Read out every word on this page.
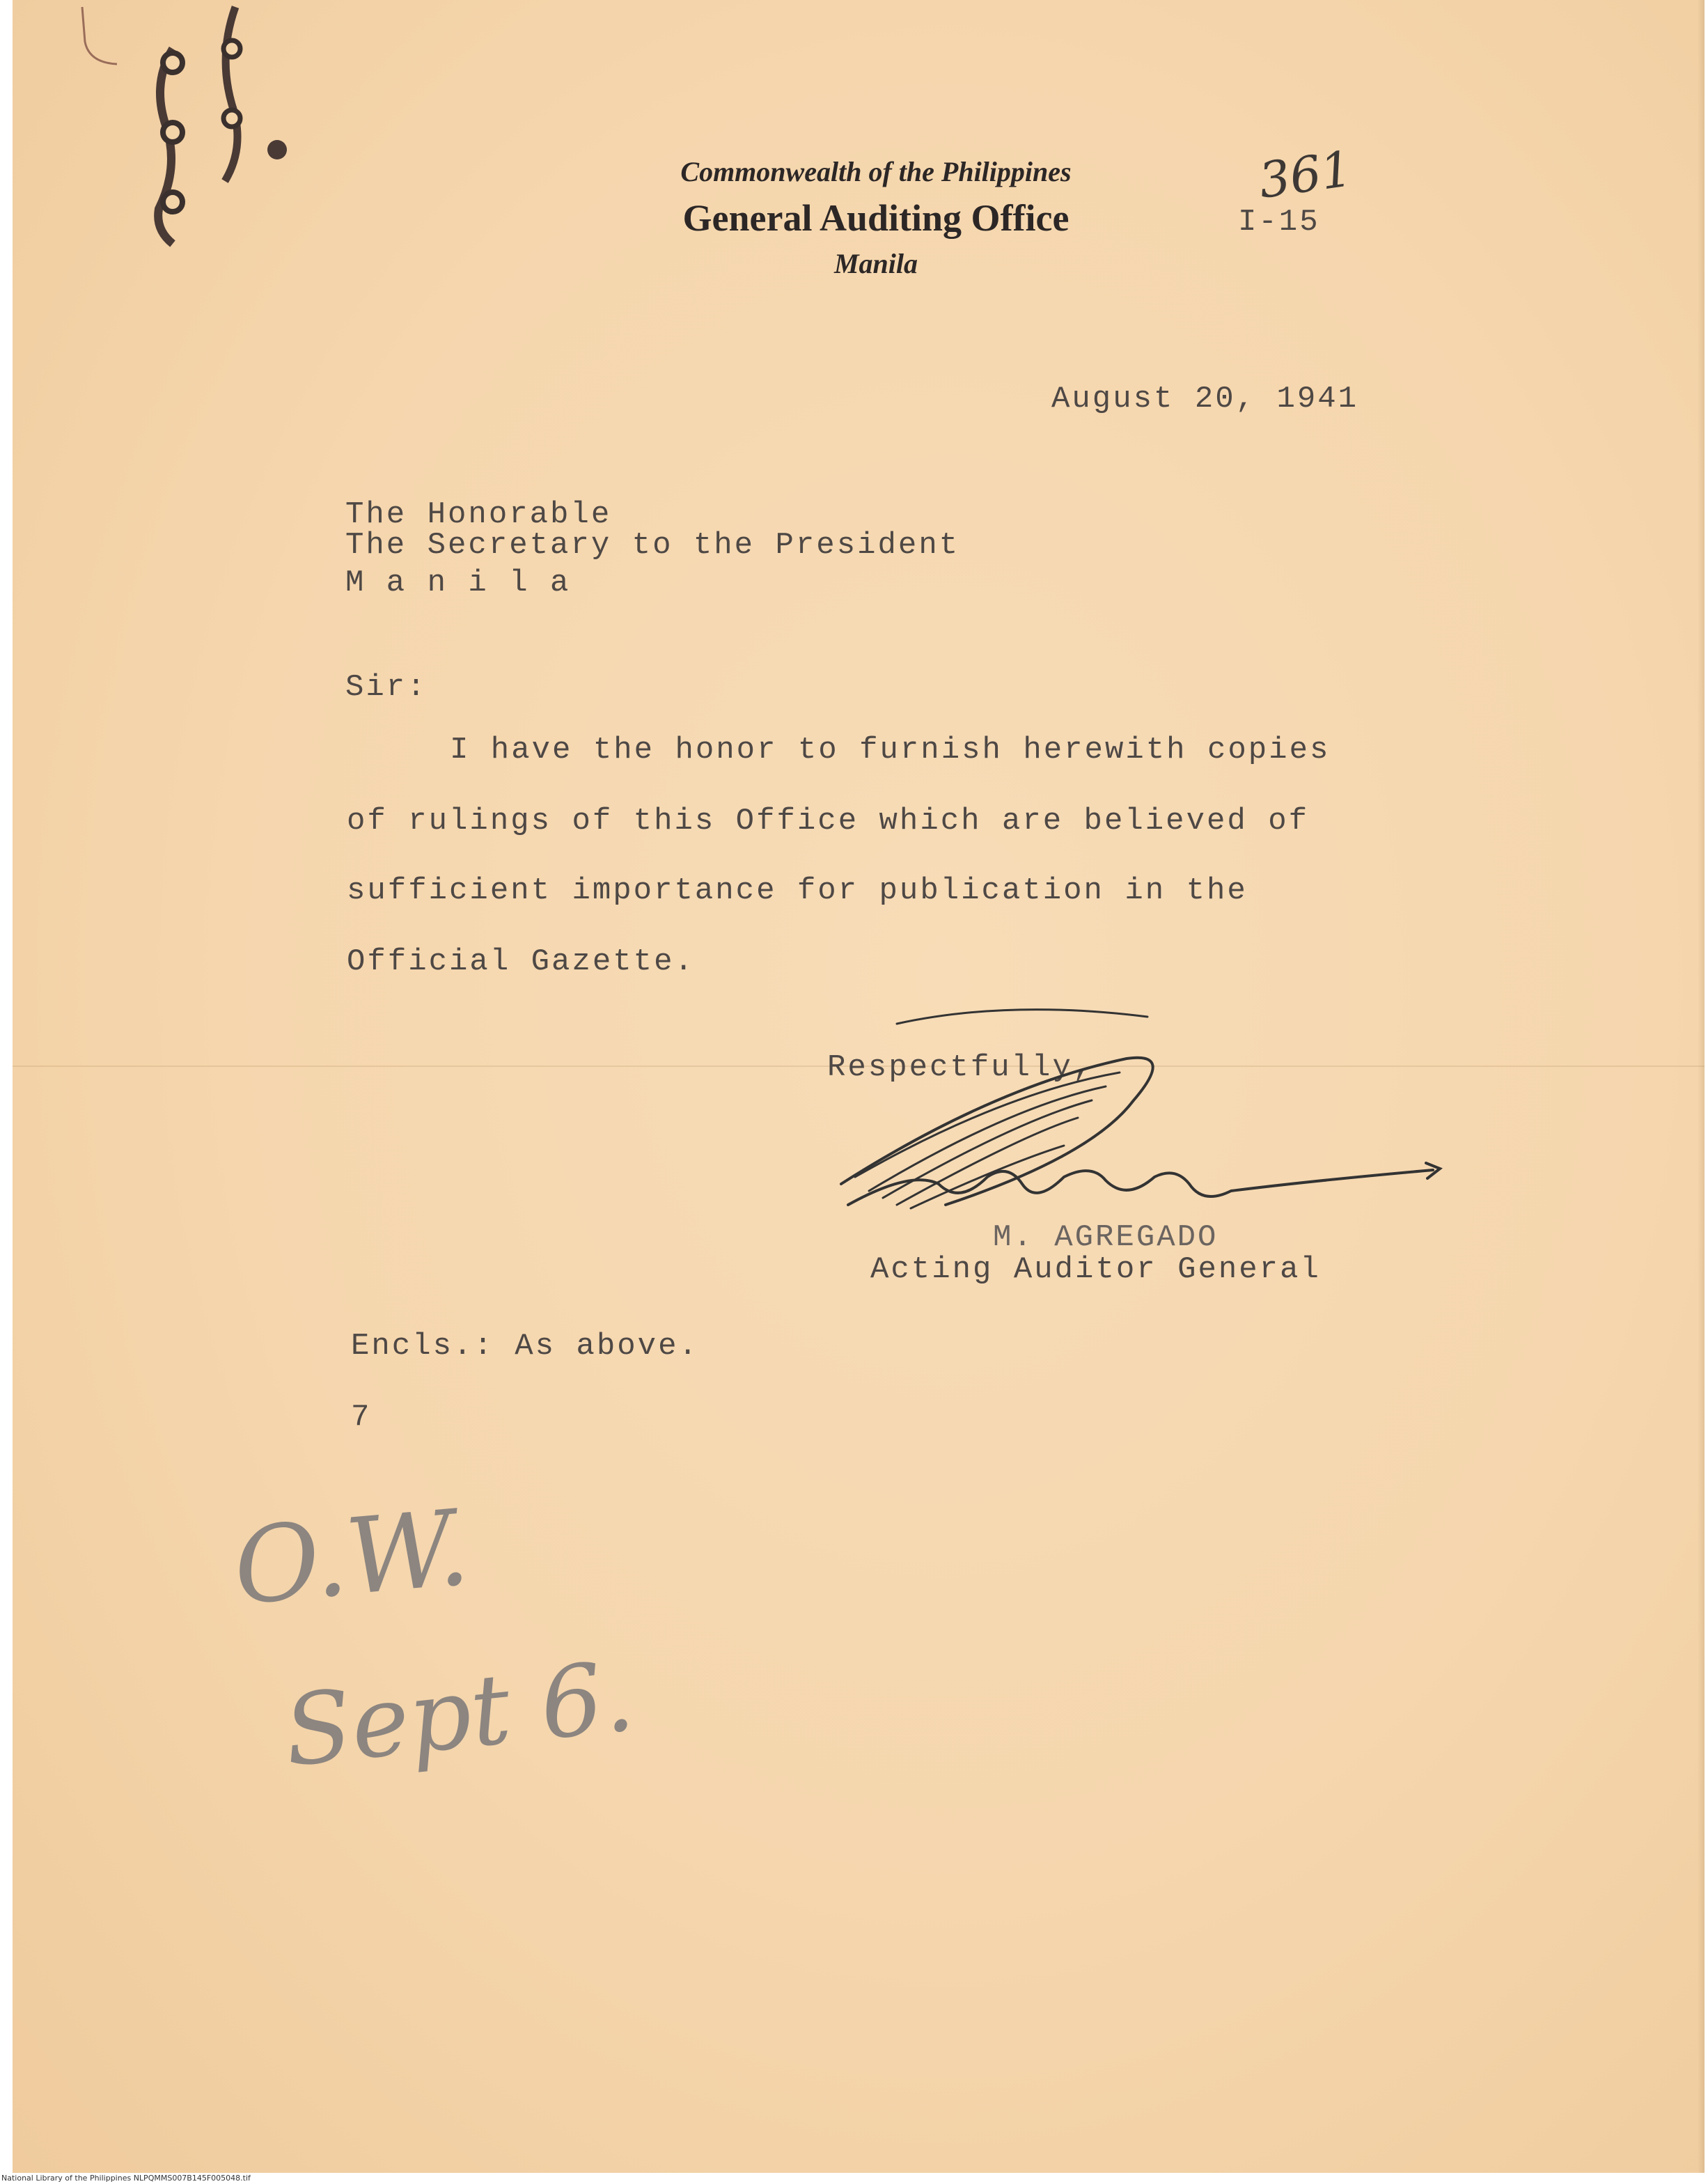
Commonwealth of the Philippines
General Auditing Office
Manila
361

I-15

August 20, 1941

The Honorable

The Secretary to the President

M a n i l a

Sir:

I have the honor to furnish herewith copies

of rulings of this Office which are believed of

sufficient importance for publication in the

Official Gazette.

Respectfully,

M. AGREGADO

Acting Auditor General

Encls.: As above.

7

O.W.
Sept 6.
National Library of the Philippines NLPQMMS007B145F005048.tif
